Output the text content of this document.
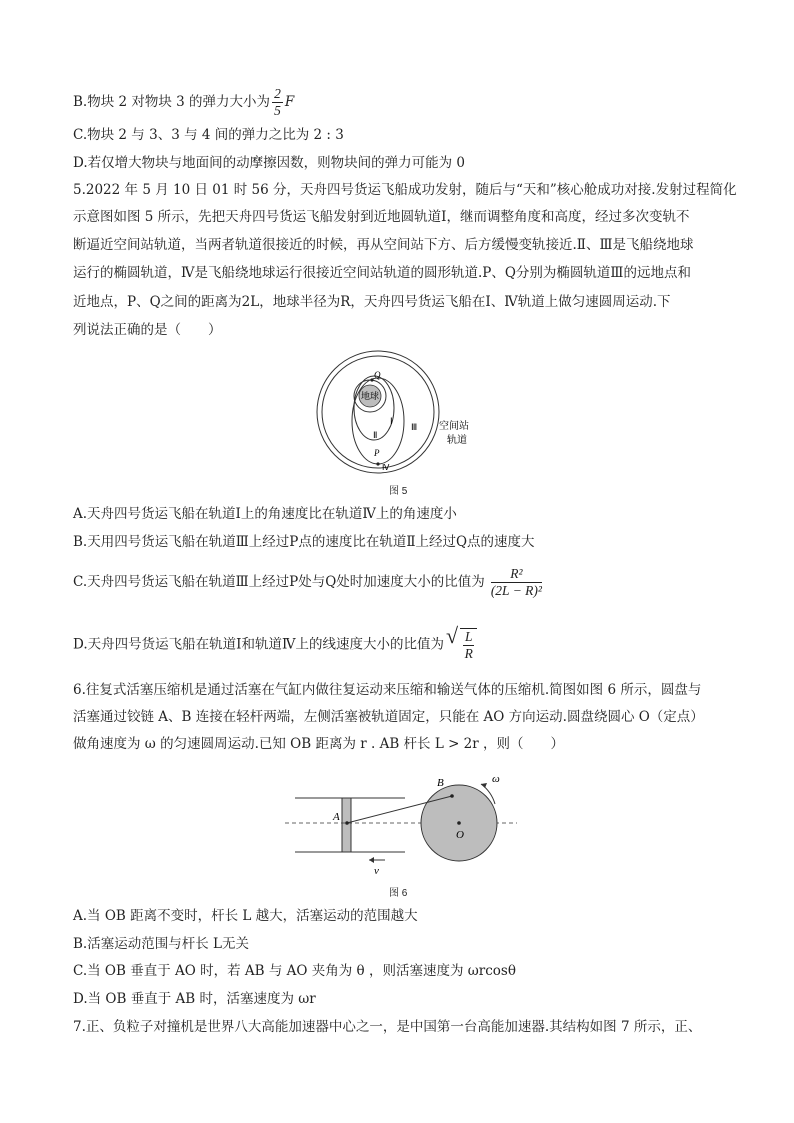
B.物块 2 对物块 3 的弹力大小为 $\frac{2}{5}$ F
C.物块 2 与 3、3 与 4 间的弹力之比为 2 : 3
D.若仅增大物块与地面间的动摩擦因数，则物块间的弹力可能为 0
5.2022 年 5 月 10 日 01 时 56 分，天舟四号货运飞船成功发射，随后与“天和”核心舱成功对接.发射过程简化
示意图如图 5 所示，先把天舟四号货运飞船发射到近地圆轨道Ⅰ，继而调整角度和高度，经过多次变轨不
断逼近空间站轨道，当两者轨道很接近的时候，再从空间站下方、后方缓慢变轨接近.Ⅱ、Ⅲ是飞船绕地球
运行的椭圆轨道，Ⅳ是飞船绕地球运行很接近空间站轨道的圆形轨道.P、Q分别为椭圆轨道Ⅲ的远地点和
近地点，P、Q之间的距离为2L，地球半径为R，天舟四号货运飞船在Ⅰ、Ⅳ轨道上做匀速圆周运动.下
列说法正确的是（　　）
Q
地球
Ⅰ
Ⅱ
Ⅲ
P
Ⅳ
空间站
轨道
图 5
A.天舟四号货运飞船在轨道Ⅰ上的角速度比在轨道Ⅳ上的角速度小
B.天用四号货运飞船在轨道Ⅲ上经过P点的速度比在轨道Ⅱ上经过Q点的速度大
C.天舟四号货运飞船在轨道Ⅲ上经过P处与Q处时加速度大小的比值为 $\frac{\text{R²}}{\text{(2L − R)²}}$
D.天舟四号货运飞船在轨道Ⅰ和轨道Ⅳ上的线速度大小的比值为 √ $\frac{L}{R}$
6.往复式活塞压缩机是通过活塞在气缸内做往复运动来压缩和输送气体的压缩机.简图如图 6 所示，圆盘与
活塞通过铰链 A、B 连接在轻杆两端，左侧活塞被轨道固定，只能在 AO 方向运动.圆盘绕圆心 O（定点）
做角速度为 ω 的匀速圆周运动.已知 OB 距离为 r . AB 杆长 L > 2r ，则（　　）
A
B
O
ω
v
图 6
A.当 OB 距离不变时，杆长 L 越大，活塞运动的范围越大
B.活塞运动范围与杆长 L无关
C.当 OB 垂直于 AO 时，若 AB 与 AO 夹角为 θ ，则活塞速度为 ωrcosθ
D.当 OB 垂直于 AB 时，活塞速度为 ωr
7.正、负粒子对撞机是世界八大高能加速器中心之一，是中国第一台高能加速器.其结构如图 7 所示，正、
